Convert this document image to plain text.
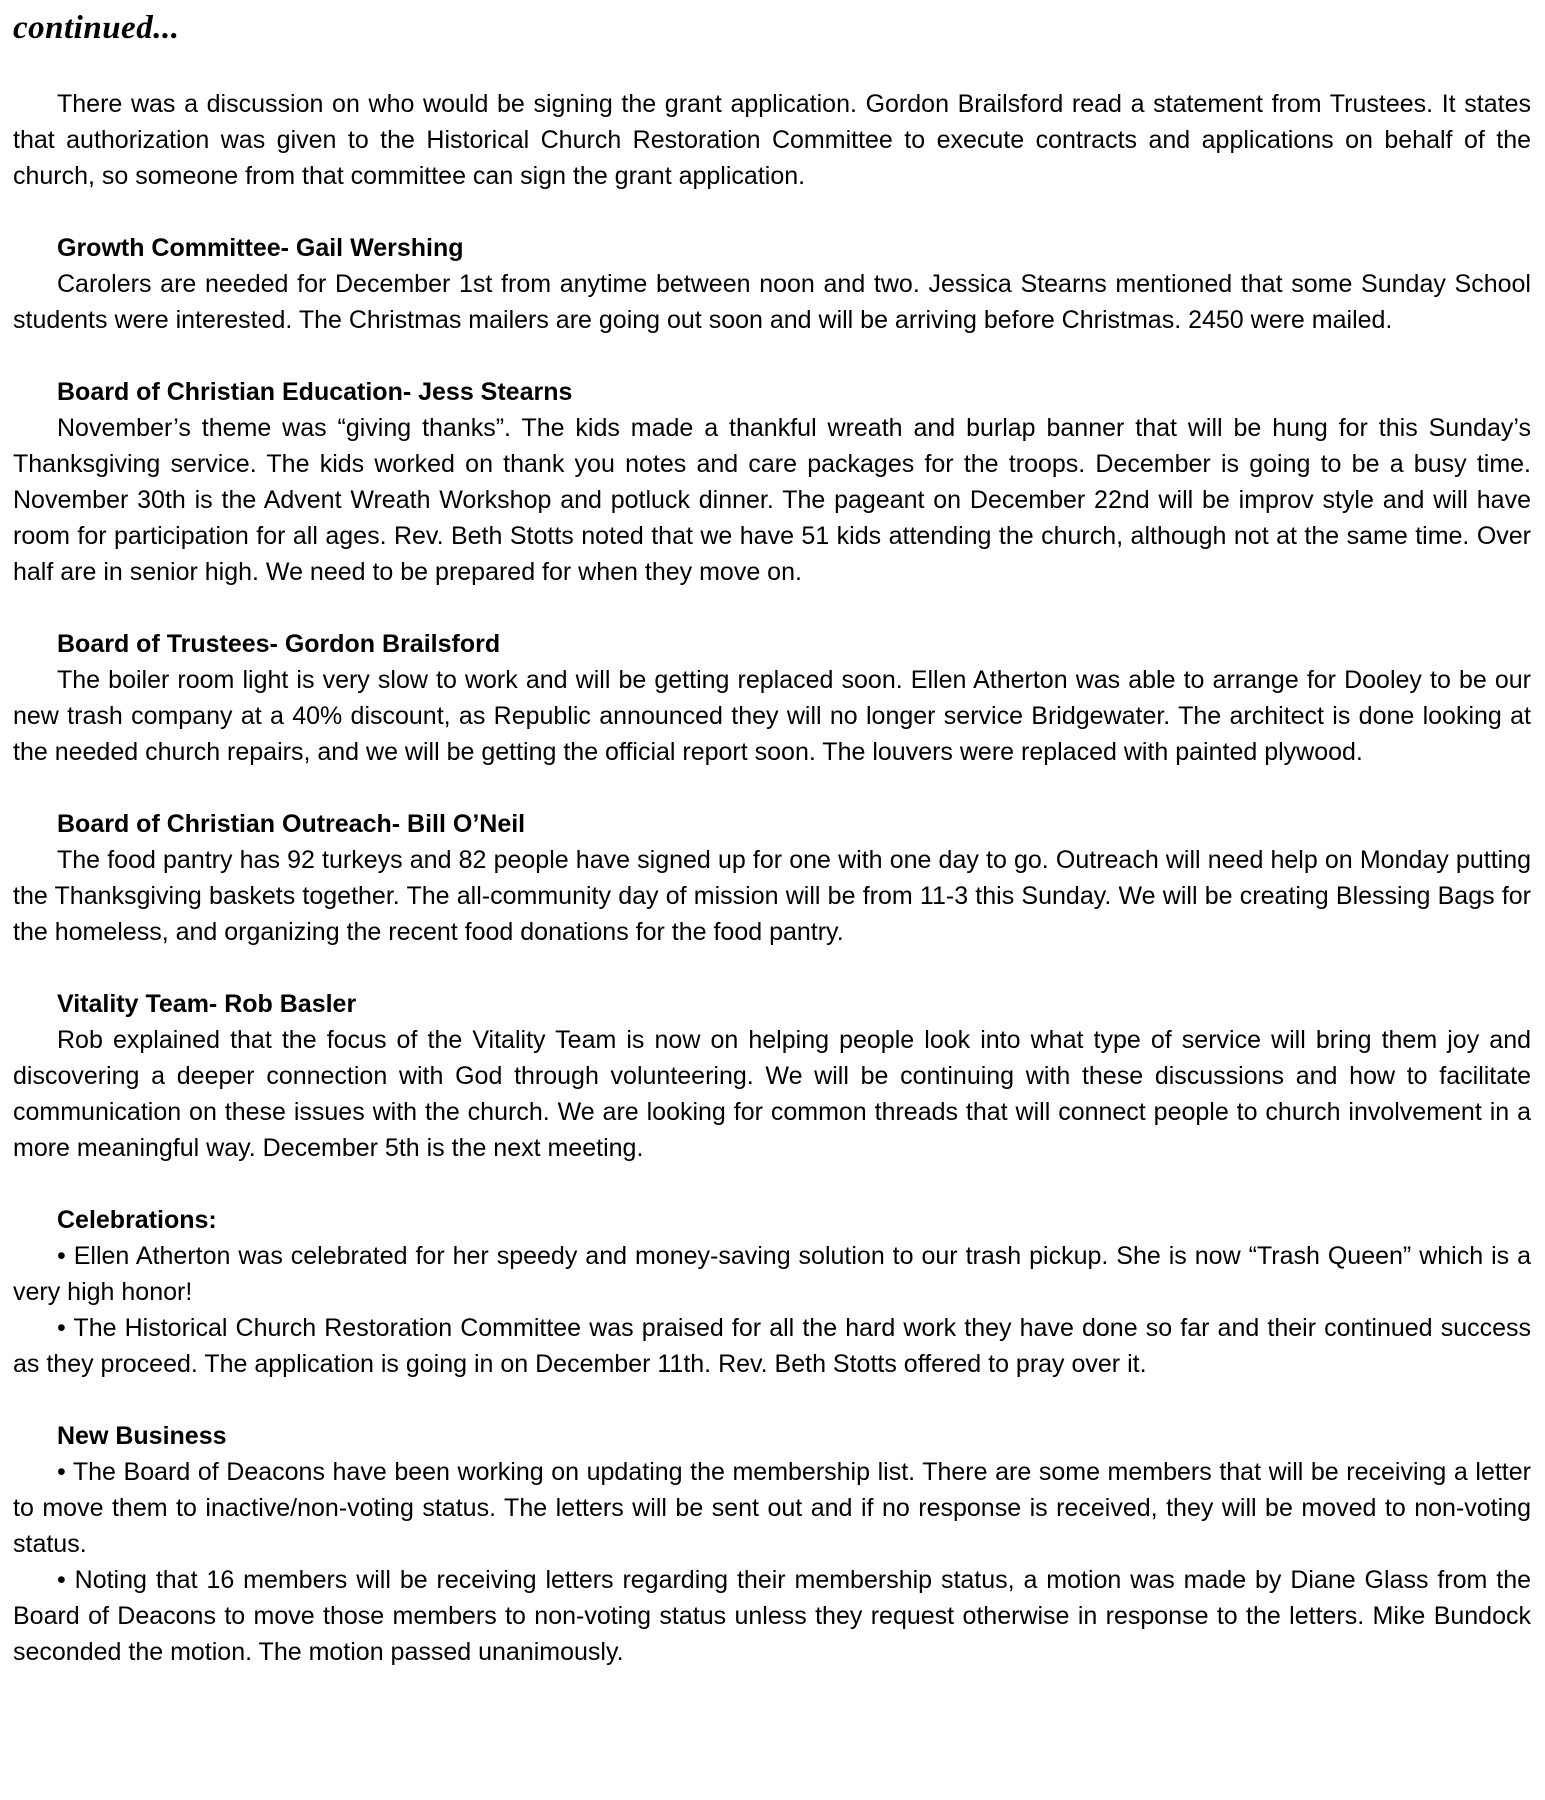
continued...

There was a discussion on who would be signing the grant application. Gordon Brailsford read a statement from Trustees. It states that authorization was given to the Historical Church Restoration Committee to execute contracts and applications on behalf of the church, so someone from that committee can sign the grant application.

Growth Committee- Gail Wershing

Carolers are needed for December 1st from anytime between noon and two. Jessica Stearns mentioned that some Sunday School students were interested. The Christmas mailers are going out soon and will be arriving before Christmas. 2450 were mailed.

Board of Christian Education- Jess Stearns

November’s theme was “giving thanks”. The kids made a thankful wreath and burlap banner that will be hung for this Sunday’s Thanksgiving service. The kids worked on thank you notes and care packages for the troops. December is going to be a busy time. November 30th is the Advent Wreath Workshop and potluck dinner. The pageant on December 22nd will be improv style and will have room for participation for all ages. Rev. Beth Stotts noted that we have 51 kids attending the church, although not at the same time. Over half are in senior high. We need to be prepared for when they move on.

Board of Trustees- Gordon Brailsford

The boiler room light is very slow to work and will be getting replaced soon. Ellen Atherton was able to arrange for Dooley to be our new trash company at a 40% discount, as Republic announced they will no longer service Bridgewater. The architect is done looking at the needed church repairs, and we will be getting the official report soon. The louvers were replaced with painted plywood.

Board of Christian Outreach- Bill O’Neil

The food pantry has 92 turkeys and 82 people have signed up for one with one day to go. Outreach will need help on Monday putting the Thanksgiving baskets together. The all-community day of mission will be from 11-3 this Sunday. We will be creating Blessing Bags for the homeless, and organizing the recent food donations for the food pantry.

Vitality Team- Rob Basler

Rob explained that the focus of the Vitality Team is now on helping people look into what type of service will bring them joy and discovering a deeper connection with God through volunteering. We will be continuing with these discussions and how to facilitate communication on these issues with the church. We are looking for common threads that will connect people to church involvement in a more meaningful way. December 5th is the next meeting.

Celebrations:

• Ellen Atherton was celebrated for her speedy and money-saving solution to our trash pickup. She is now “Trash Queen” which is a very high honor!

• The Historical Church Restoration Committee was praised for all the hard work they have done so far and their continued success as they proceed. The application is going in on December 11th. Rev. Beth Stotts offered to pray over it.

New Business

• The Board of Deacons have been working on updating the membership list. There are some members that will be receiving a letter to move them to inactive/non-voting status. The letters will be sent out and if no response is received, they will be moved to non-voting status.

• Noting that 16 members will be receiving letters regarding their membership status, a motion was made by Diane Glass from the Board of Deacons to move those members to non-voting status unless they request otherwise in response to the letters. Mike Bundock seconded the motion. The motion passed unanimously.
